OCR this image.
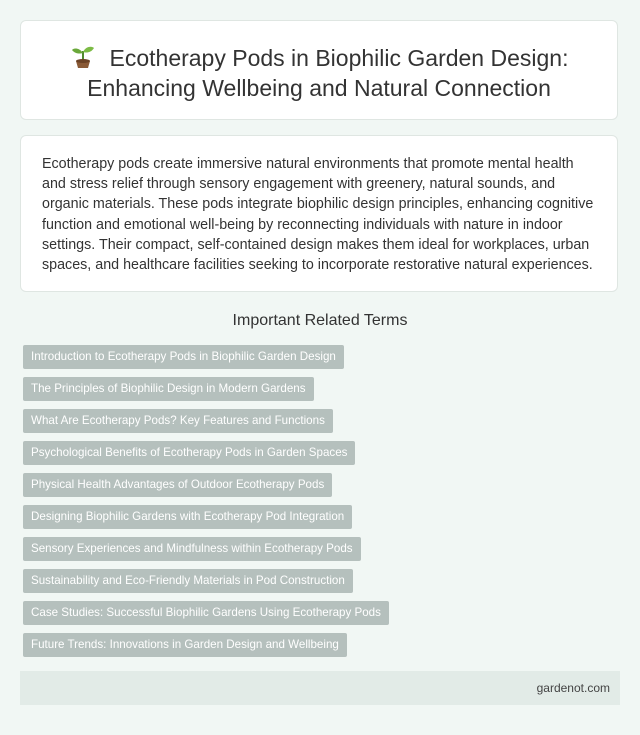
Ecotherapy Pods in Biophilic Garden Design: Enhancing Wellbeing and Natural Connection

Ecotherapy pods create immersive natural environments that promote mental health and stress relief through sensory engagement with greenery, natural sounds, and organic materials. These pods integrate biophilic design principles, enhancing cognitive function and emotional well-being by reconnecting individuals with nature in indoor settings. Their compact, self-contained design makes them ideal for workplaces, urban spaces, and healthcare facilities seeking to incorporate restorative natural experiences.

Important Related Terms
Introduction to Ecotherapy Pods in Biophilic Garden Design
The Principles of Biophilic Design in Modern Gardens
What Are Ecotherapy Pods? Key Features and Functions
Psychological Benefits of Ecotherapy Pods in Garden Spaces
Physical Health Advantages of Outdoor Ecotherapy Pods
Designing Biophilic Gardens with Ecotherapy Pod Integration
Sensory Experiences and Mindfulness within Ecotherapy Pods
Sustainability and Eco-Friendly Materials in Pod Construction
Case Studies: Successful Biophilic Gardens Using Ecotherapy Pods
Future Trends: Innovations in Garden Design and Wellbeing
gardenot.com
